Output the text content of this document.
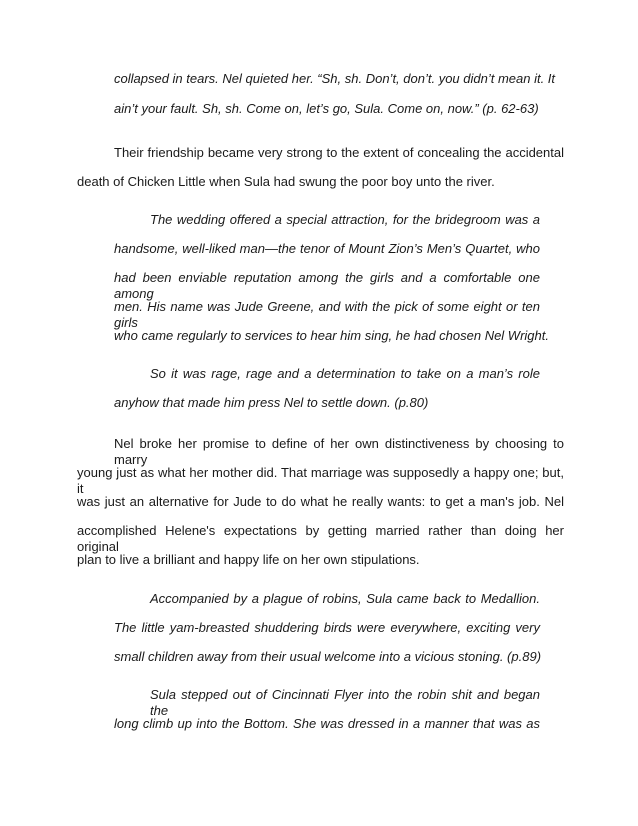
collapsed in tears. Nel quieted her. “Sh, sh. Don’t, don’t. you didn’t mean it. It
ain’t your fault. Sh, sh. Come on, let’s go, Sula. Come on, now.” (p. 62-63)
Their friendship became very strong to the extent of concealing the accidental
death of Chicken Little when Sula had swung the poor boy unto the river.
The wedding offered a special attraction, for the bridegroom was a
handsome, well-liked man—the tenor of Mount Zion’s Men’s Quartet, who
had been enviable reputation among the girls and a comfortable one among
men. His name was Jude Greene, and with the pick of some eight or ten girls
who came regularly to services to hear him sing, he had chosen Nel Wright.
So it was rage, rage and a determination to take on a man’s role
anyhow that made him press Nel to settle down. (p.80)
Nel broke her promise to define of her own distinctiveness by choosing to marry
young just as what her mother did. That marriage was supposedly a happy one; but, it
was just an alternative for Jude to do what he really wants: to get a man's job. Nel
accomplished Helene's expectations by getting married rather than doing her original
plan to live a brilliant and happy life on her own stipulations.
Accompanied by a plague of robins, Sula came back to Medallion.
The little yam-breasted shuddering birds were everywhere, exciting very
small children away from their usual welcome into a vicious stoning. (p.89)
Sula stepped out of Cincinnati Flyer into the robin shit and began the
long climb up into the Bottom. She was dressed in a manner that was as
